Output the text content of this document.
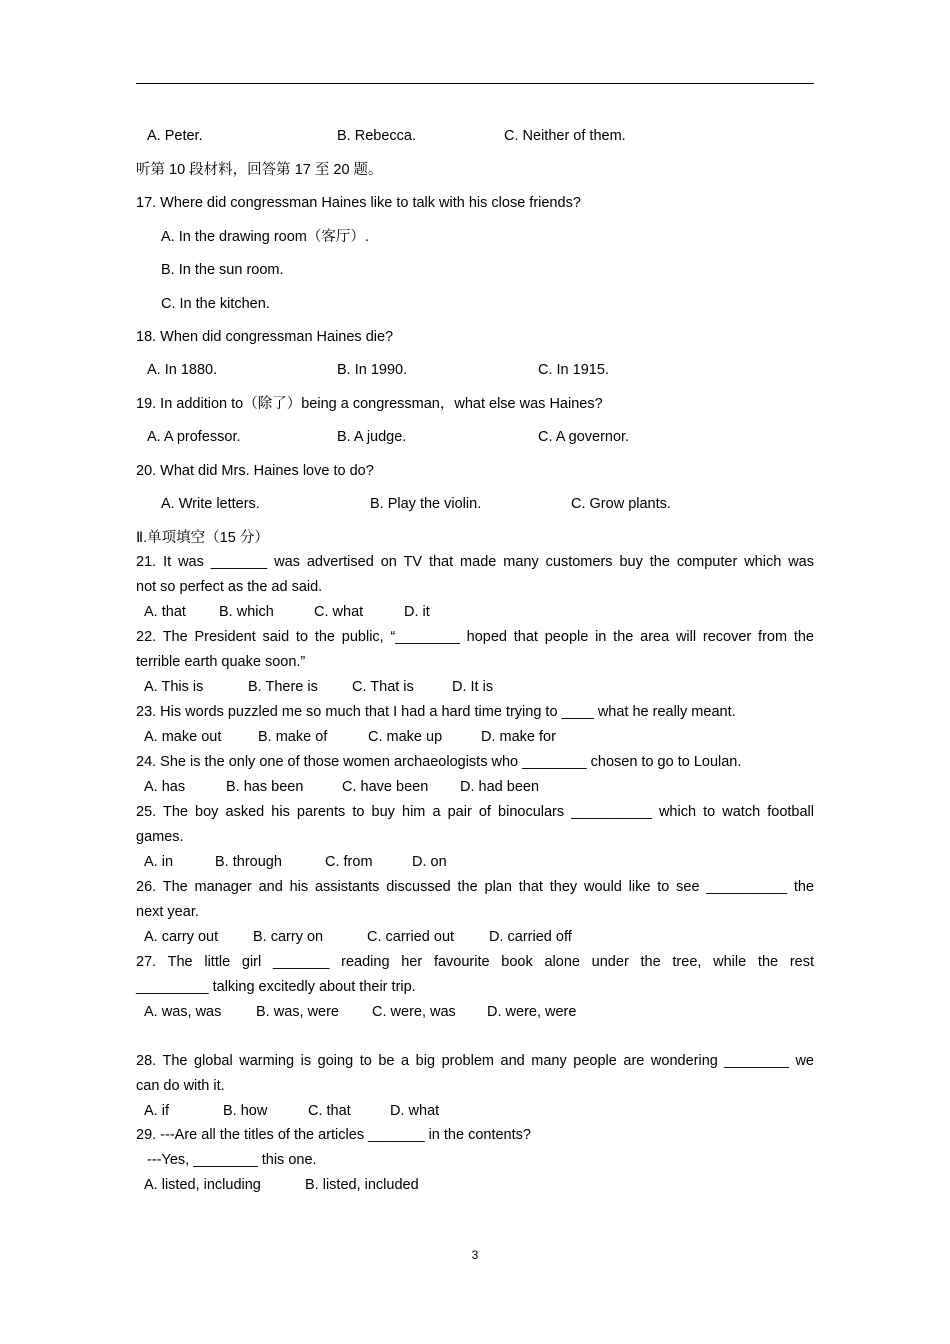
A. Peter.	B. Rebecca.	C. Neither of them.
听第 10 段材料，回答第 17 至 20 题。
17. Where did congressman Haines like to talk with his close friends?
A. In the drawing room（客厅）.
B. In the sun room.
C. In the kitchen.
18. When did congressman Haines die?
A. In 1880.	B. In 1990.	C. In 1915.
19. In addition to（除了）being a congressman，what else was Haines?
A. A professor.	B. A judge.	C. A governor.
20. What did Mrs. Haines love to do?
A. Write letters.	B. Play the violin.	C. Grow plants.
Ⅱ.单项填空（15 分）
21. It was _______ was advertised on TV that made many customers buy the computer which was
not so perfect as the ad said.
A. that B. which	C. what	D. it
22. The President said to the public, “________ hoped that people in the area will recover from the
terrible earth quake soon.”
A. This is	B. There is C. That is	D. It is
23. His words puzzled me so much that I had a hard time trying to ____ what he really meant.
A. make out	B. make of	C. make up	D. make for
24. She is the only one of those women archaeologists who ________ chosen to go to Loulan.
A. has	B. has been	C. have been D. had been
25. The boy asked his parents to buy him a pair of binoculars __________ which to watch football
games.
A. in	B. through	C. from	D. on
26. The manager and his assistants discussed the plan that they would like to see __________ the
next year.
A. carry out B. carry on	C. carried out D. carried off
27. The little girl _______ reading her favourite book alone under the tree, while the rest
_________ talking excitedly about their trip.
A. was, was B. was, were C. were, was D. were, were
28. The global warming is going to be a big problem and many people are wondering ________ we
can do with it.
A. if	B. how	C. that	D. what
29. ---Are all the titles of the articles _______ in the contents?
---Yes, ________ this one.
A. listed, including	B. listed, included
3
